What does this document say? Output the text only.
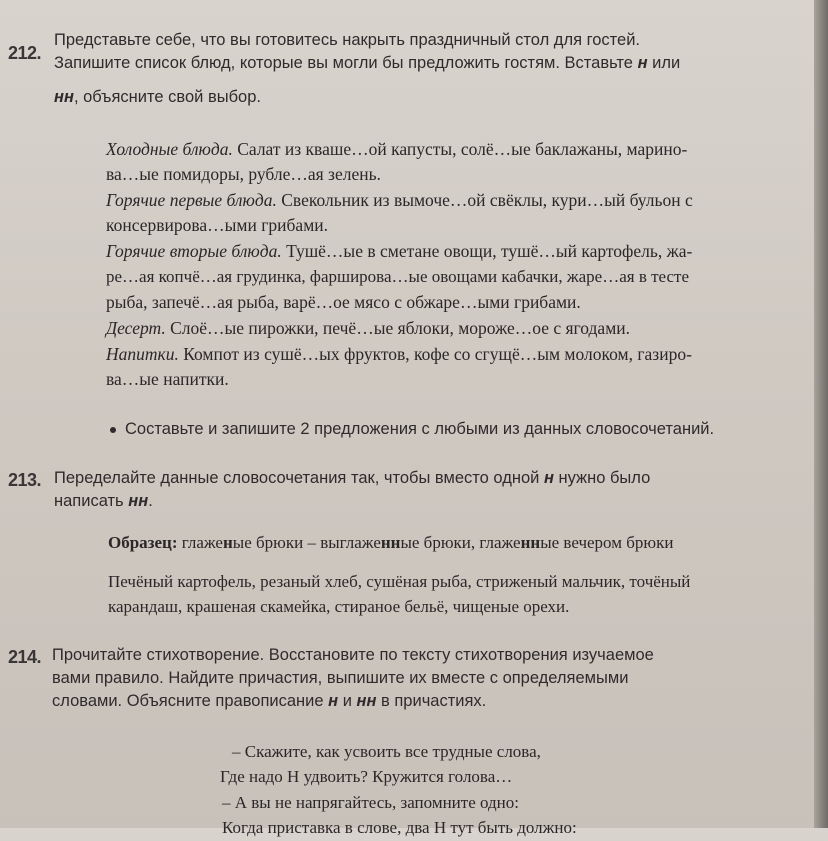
212.
Представьте себе, что вы готовитесь накрыть праздничный стол для гостей.
Запишите список блюд, которые вы могли бы предложить гостям. Вставьте н или
нн, объясните свой выбор.
Холодные блюда. Салат из кваше…ой капусты, солё…ые баклажаны, марино-
ва…ые помидоры, рубле…ая зелень.
Горячие первые блюда. Свекольник из вымоче…ой свёклы, кури…ый бульон с
консервирова…ыми грибами.
Горячие вторые блюда. Тушё…ые в сметане овощи, тушё…ый картофель, жа-
ре…ая копчё…ая грудинка, фарширова…ые овощами кабачки, жаре…ая в тесте
рыба, запечё…ая рыба, варё…ое мясо с обжаре…ыми грибами.
Десерт. Слоё…ые пирожки, печё…ые яблоки, мороже…ое с ягодами.
Напитки. Компот из сушё…ых фруктов, кофе со сгущё…ым молоком, газиро-
ва…ые напитки.
Составьте и запишите 2 предложения с любыми из данных словосочетаний.
213. Переделайте данные словосочетания так, чтобы вместо одной н нужно было
написать нн.
Образец: глаженые брюки – выглаженные брюки, глаженные вечером брюки
Печёный картофель, резаный хлеб, сушёная рыба, стриженый мальчик, точёный
карандаш, крашеная скамейка, стираное бельё, чищеные орехи.
214. Прочитайте стихотворение. Восстановите по тексту стихотворения изучаемое
вами правило. Найдите причастия, выпишите их вместе с определяемыми
словами. Объясните правописание н и нн в причастиях.
– Скажите, как усвоить все трудные слова,
Где надо Н удвоить? Кружится голова…
– А вы не напрягайтесь, запомните одно:
Когда приставка в слове, два Н тут быть должно:
